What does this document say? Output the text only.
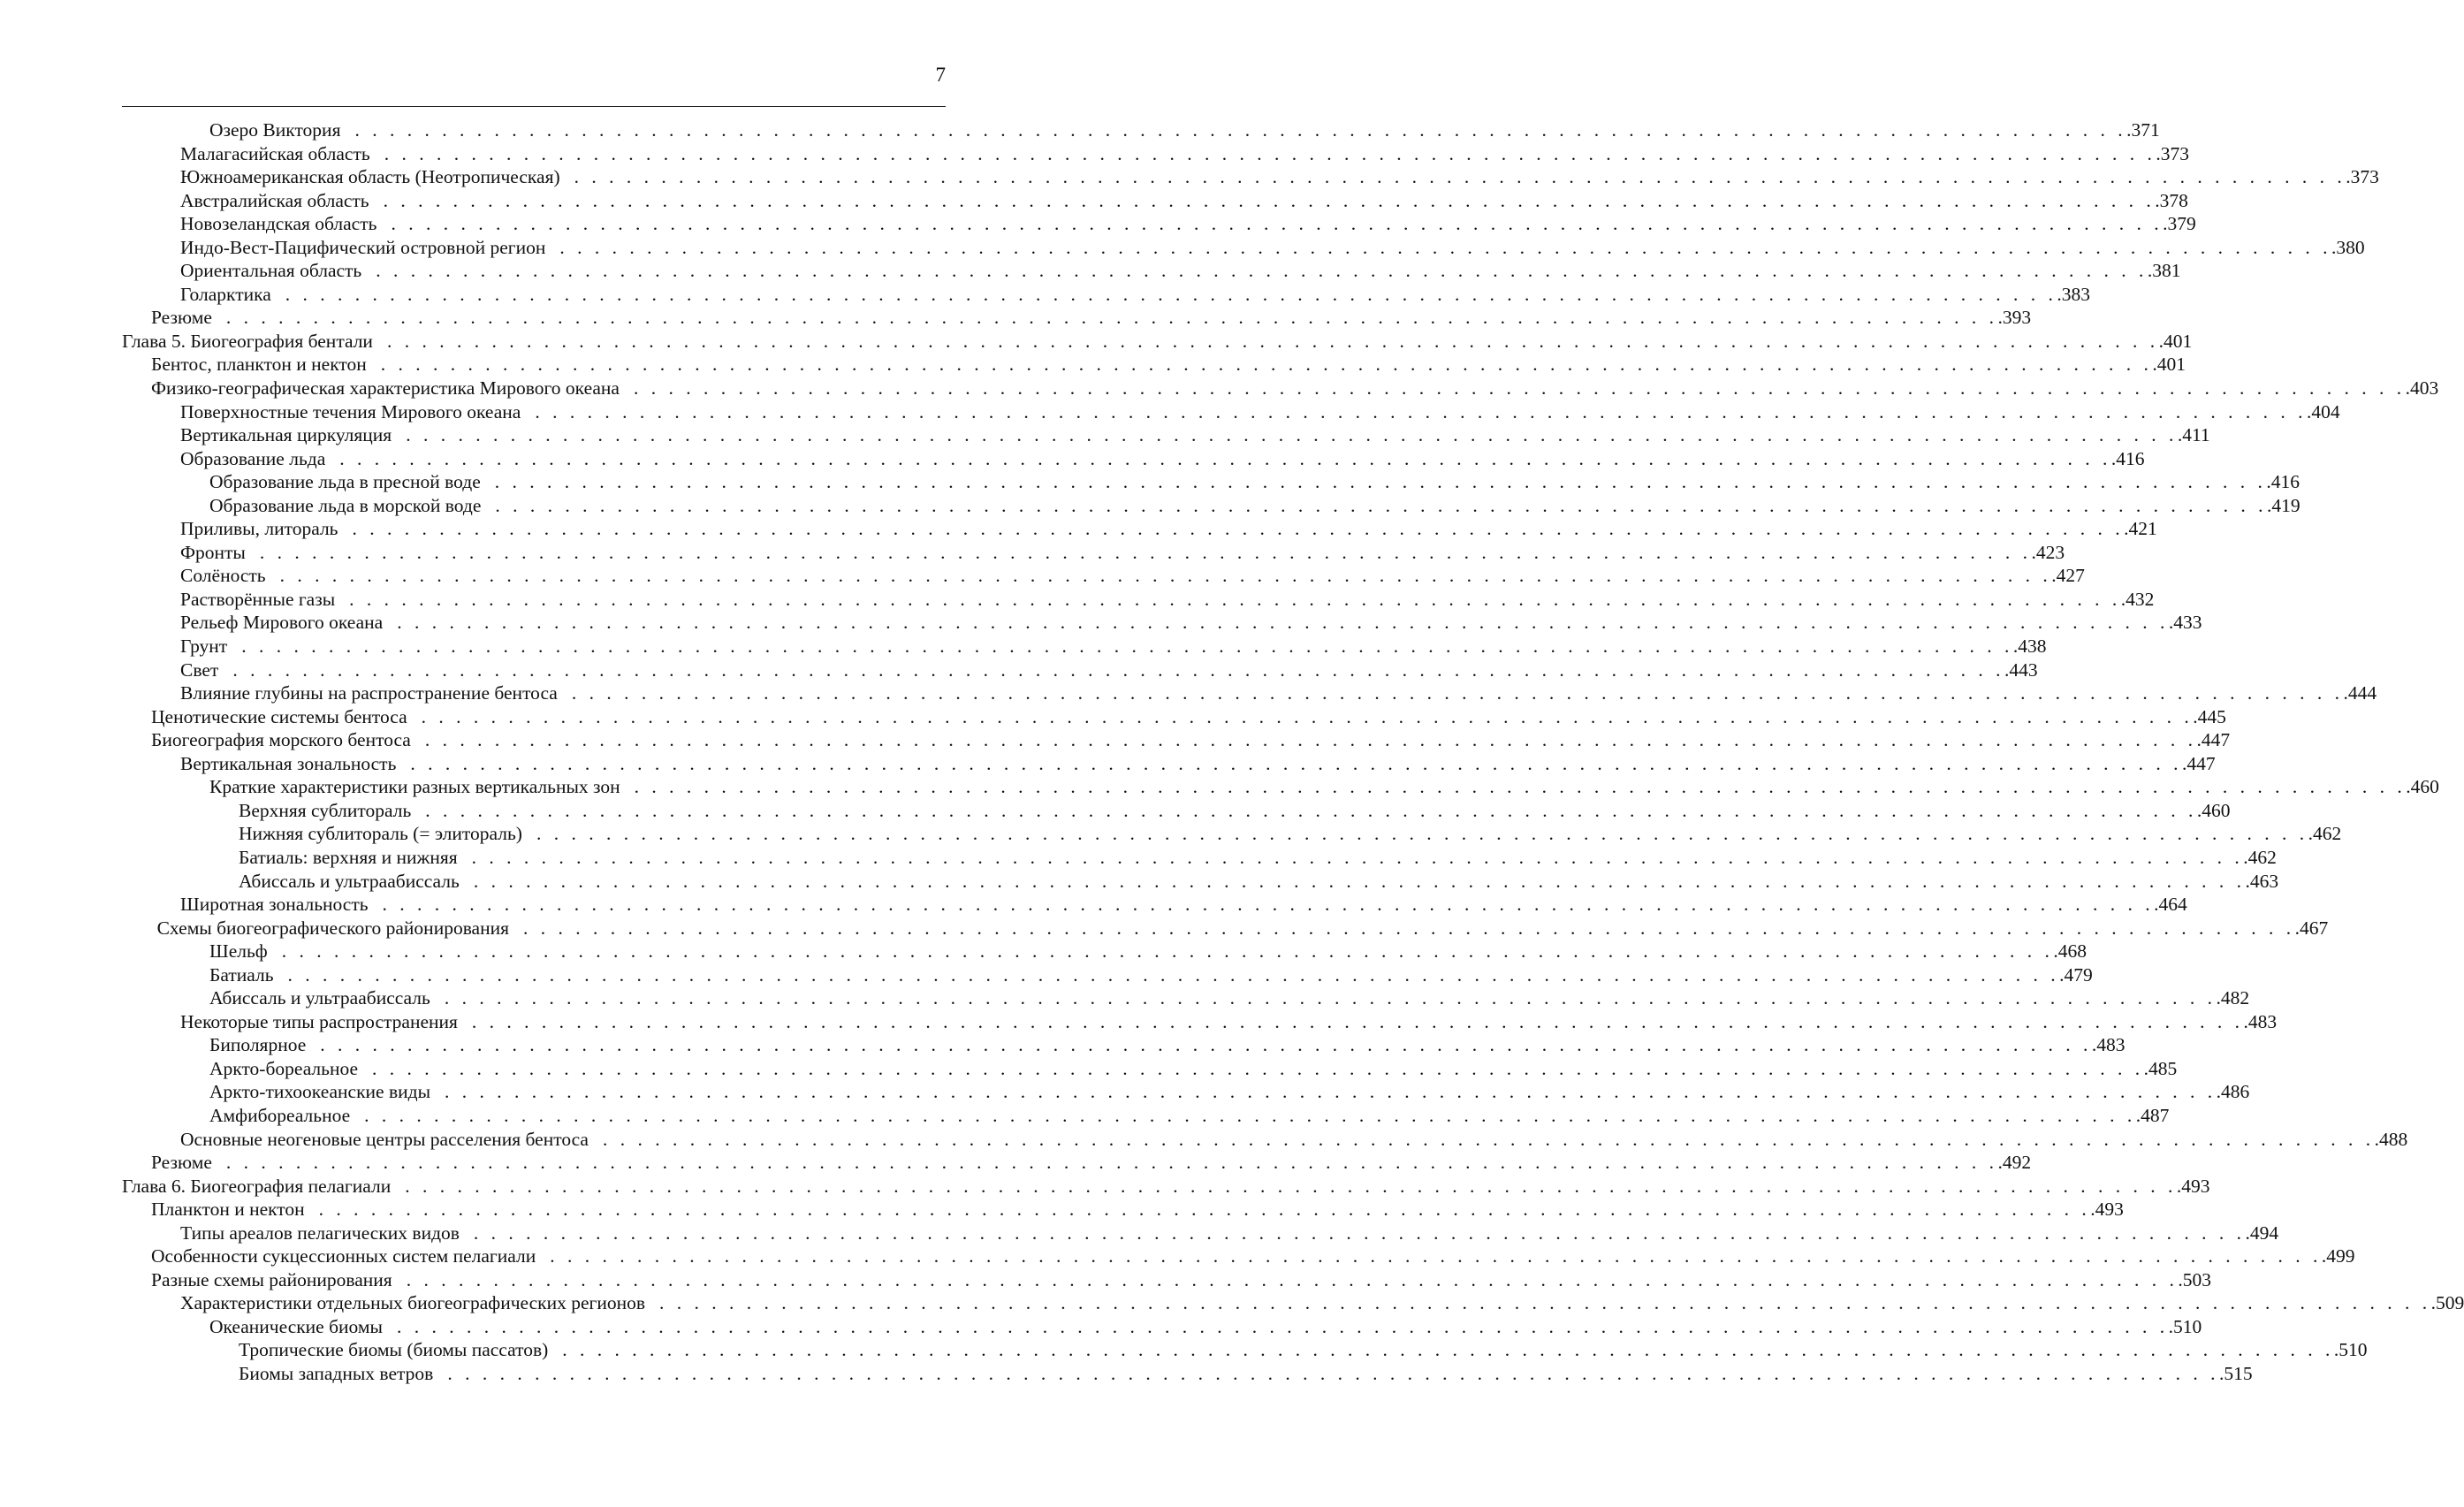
7
Озеро Виктория . . . . . . . . . . . . . . . . . . . . . . . . . . . . . . . . . . . . . . . . . . . . . . . . . . . . . . . . . . . . . . . . . . . . . . . . . . . . . . . . . . . . . . . . . . . . . . . . . . . . . . .371
Малагасийская область . . . . . . . . . . . . . . . . . . . . . . . . . . . . . . . . . . . . . . . . . . . . . . . . . . . . . . . . . . . . . . . . . . . . . . . . . . . . . . . . . . . . . . . . . . . . . . . . . . . . . . .373
Южноамериканская область (Неотропическая) . . . . . . . . . . . . . . . . . . . . . . . . . . . . . . . . . . . . . . . . . . . . . . . . . . . . . . . . . . . . . . . . . . . . . . . . . . . . . . . . . . . . . . . . . . . . . . . . . . . . . . .373
Австралийская область . . . . . . . . . . . . . . . . . . . . . . . . . . . . . . . . . . . . . . . . . . . . . . . . . . . . . . . . . . . . . . . . . . . . . . . . . . . . . . . . . . . . . . . . . . . . . . . . . . . . . . .378
Новозеландская область . . . . . . . . . . . . . . . . . . . . . . . . . . . . . . . . . . . . . . . . . . . . . . . . . . . . . . . . . . . . . . . . . . . . . . . . . . . . . . . . . . . . . . . . . . . . . . . . . . . . . . .379
Индо-Вест-Пацифический островной регион . . . . . . . . . . . . . . . . . . . . . . . . . . . . . . . . . . . . . . . . . . . . . . . . . . . . . . . . . . . . . . . . . . . . . . . . . . . . . . . . . . . . . . . . . . . . . . . . . . . . . . .380
Ориентальная область . . . . . . . . . . . . . . . . . . . . . . . . . . . . . . . . . . . . . . . . . . . . . . . . . . . . . . . . . . . . . . . . . . . . . . . . . . . . . . . . . . . . . . . . . . . . . . . . . . . . . . .381
Голарктика . . . . . . . . . . . . . . . . . . . . . . . . . . . . . . . . . . . . . . . . . . . . . . . . . . . . . . . . . . . . . . . . . . . . . . . . . . . . . . . . . . . . . . . . . . . . . . . . . . . . . . .383
Резюме . . . . . . . . . . . . . . . . . . . . . . . . . . . . . . . . . . . . . . . . . . . . . . . . . . . . . . . . . . . . . . . . . . . . . . . . . . . . . . . . . . . . . . . . . . . . . . . . . . . . . . .393
Глава 5. Биогеография бентали . . . . . . . . . . . . . . . . . . . . . . . . . . . . . . . . . . . . . . . . . . . . . . . . . . . . . . . . . . . . . . . . . . . . . . . . . . . . . . . . . . . . . . . . . . . . . . . . . . . . . . .401
Бентос, планктон и нектон . . . . . . . . . . . . . . . . . . . . . . . . . . . . . . . . . . . . . . . . . . . . . . . . . . . . . . . . . . . . . . . . . . . . . . . . . . . . . . . . . . . . . . . . . . . . . . . . . . . . . . .401
Физико-географическая характеристика Мирового океана . . . . . . . . . . . . . . . . . . . . . . . . . . . . . . . . . . . . . . . . . . . . . . . . . . . . . . . . . . . . . . . . . . . . . . . . . . . . . . . . . . . . . . . . . . . . . . . . . . . . . . .403
Поверхностные течения Мирового океана . . . . . . . . . . . . . . . . . . . . . . . . . . . . . . . . . . . . . . . . . . . . . . . . . . . . . . . . . . . . . . . . . . . . . . . . . . . . . . . . . . . . . . . . . . . . . . . . . . . . . . .404
Вертикальная циркуляция . . . . . . . . . . . . . . . . . . . . . . . . . . . . . . . . . . . . . . . . . . . . . . . . . . . . . . . . . . . . . . . . . . . . . . . . . . . . . . . . . . . . . . . . . . . . . . . . . . . . . . .411
Образование льда . . . . . . . . . . . . . . . . . . . . . . . . . . . . . . . . . . . . . . . . . . . . . . . . . . . . . . . . . . . . . . . . . . . . . . . . . . . . . . . . . . . . . . . . . . . . . . . . . . . . . . .416
Образование льда в пресной воде . . . . . . . . . . . . . . . . . . . . . . . . . . . . . . . . . . . . . . . . . . . . . . . . . . . . . . . . . . . . . . . . . . . . . . . . . . . . . . . . . . . . . . . . . . . . . . . . . . . . . . .416
Образование льда в морской воде . . . . . . . . . . . . . . . . . . . . . . . . . . . . . . . . . . . . . . . . . . . . . . . . . . . . . . . . . . . . . . . . . . . . . . . . . . . . . . . . . . . . . . . . . . . . . . . . . . . . . . .419
Приливы, литораль . . . . . . . . . . . . . . . . . . . . . . . . . . . . . . . . . . . . . . . . . . . . . . . . . . . . . . . . . . . . . . . . . . . . . . . . . . . . . . . . . . . . . . . . . . . . . . . . . . . . . . .421
Фронты . . . . . . . . . . . . . . . . . . . . . . . . . . . . . . . . . . . . . . . . . . . . . . . . . . . . . . . . . . . . . . . . . . . . . . . . . . . . . . . . . . . . . . . . . . . . . . . . . . . . . . .423
Солёность . . . . . . . . . . . . . . . . . . . . . . . . . . . . . . . . . . . . . . . . . . . . . . . . . . . . . . . . . . . . . . . . . . . . . . . . . . . . . . . . . . . . . . . . . . . . . . . . . . . . . . .427
Растворённые газы . . . . . . . . . . . . . . . . . . . . . . . . . . . . . . . . . . . . . . . . . . . . . . . . . . . . . . . . . . . . . . . . . . . . . . . . . . . . . . . . . . . . . . . . . . . . . . . . . . . . . . .432
Рельеф Мирового океана . . . . . . . . . . . . . . . . . . . . . . . . . . . . . . . . . . . . . . . . . . . . . . . . . . . . . . . . . . . . . . . . . . . . . . . . . . . . . . . . . . . . . . . . . . . . . . . . . . . . . . .433
Грунт . . . . . . . . . . . . . . . . . . . . . . . . . . . . . . . . . . . . . . . . . . . . . . . . . . . . . . . . . . . . . . . . . . . . . . . . . . . . . . . . . . . . . . . . . . . . . . . . . . . . . . .438
Свет . . . . . . . . . . . . . . . . . . . . . . . . . . . . . . . . . . . . . . . . . . . . . . . . . . . . . . . . . . . . . . . . . . . . . . . . . . . . . . . . . . . . . . . . . . . . . . . . . . . . . . .443
Влияние глубины на распространение бентоса . . . . . . . . . . . . . . . . . . . . . . . . . . . . . . . . . . . . . . . . . . . . . . . . . . . . . . . . . . . . . . . . . . . . . . . . . . . . . . . . . . . . . . . . . . . . . . . . . . . . . . .444
Ценотические системы бентоса . . . . . . . . . . . . . . . . . . . . . . . . . . . . . . . . . . . . . . . . . . . . . . . . . . . . . . . . . . . . . . . . . . . . . . . . . . . . . . . . . . . . . . . . . . . . . . . . . . . . . . .445
Биогеография морского бентоса . . . . . . . . . . . . . . . . . . . . . . . . . . . . . . . . . . . . . . . . . . . . . . . . . . . . . . . . . . . . . . . . . . . . . . . . . . . . . . . . . . . . . . . . . . . . . . . . . . . . . . .447
Вертикальная зональность . . . . . . . . . . . . . . . . . . . . . . . . . . . . . . . . . . . . . . . . . . . . . . . . . . . . . . . . . . . . . . . . . . . . . . . . . . . . . . . . . . . . . . . . . . . . . . . . . . . . . . .447
Краткие характеристики разных вертикальных зон . . . . . . . . . . . . . . . . . . . . . . . . . . . . . . . . . . . . . . . . . . . . . . . . . . . . . . . . . . . . . . . . . . . . . . . . . . . . . . . . . . . . . . . . . . . . . . . . . . . . . . .460
Верхняя сублитораль . . . . . . . . . . . . . . . . . . . . . . . . . . . . . . . . . . . . . . . . . . . . . . . . . . . . . . . . . . . . . . . . . . . . . . . . . . . . . . . . . . . . . . . . . . . . . . . . . . . . . . .460
Нижняя сублитораль (= элитораль) . . . . . . . . . . . . . . . . . . . . . . . . . . . . . . . . . . . . . . . . . . . . . . . . . . . . . . . . . . . . . . . . . . . . . . . . . . . . . . . . . . . . . . . . . . . . . . . . . . . . . . .462
Батиаль: верхняя и нижняя . . . . . . . . . . . . . . . . . . . . . . . . . . . . . . . . . . . . . . . . . . . . . . . . . . . . . . . . . . . . . . . . . . . . . . . . . . . . . . . . . . . . . . . . . . . . . . . . . . . . . . .462
Абиссаль и ультраабиссаль . . . . . . . . . . . . . . . . . . . . . . . . . . . . . . . . . . . . . . . . . . . . . . . . . . . . . . . . . . . . . . . . . . . . . . . . . . . . . . . . . . . . . . . . . . . . . . . . . . . . . . .463
Широтная зональность . . . . . . . . . . . . . . . . . . . . . . . . . . . . . . . . . . . . . . . . . . . . . . . . . . . . . . . . . . . . . . . . . . . . . . . . . . . . . . . . . . . . . . . . . . . . . . . . . . . . . . .464
Схемы биогеографического районирования . . . . . . . . . . . . . . . . . . . . . . . . . . . . . . . . . . . . . . . . . . . . . . . . . . . . . . . . . . . . . . . . . . . . . . . . . . . . . . . . . . . . . . . . . . . . . . . . . . . . . . .467
Шельф . . . . . . . . . . . . . . . . . . . . . . . . . . . . . . . . . . . . . . . . . . . . . . . . . . . . . . . . . . . . . . . . . . . . . . . . . . . . . . . . . . . . . . . . . . . . . . . . . . . . . . .468
Батиаль . . . . . . . . . . . . . . . . . . . . . . . . . . . . . . . . . . . . . . . . . . . . . . . . . . . . . . . . . . . . . . . . . . . . . . . . . . . . . . . . . . . . . . . . . . . . . . . . . . . . . . .479
Абиссаль и ультраабиссаль . . . . . . . . . . . . . . . . . . . . . . . . . . . . . . . . . . . . . . . . . . . . . . . . . . . . . . . . . . . . . . . . . . . . . . . . . . . . . . . . . . . . . . . . . . . . . . . . . . . . . . .482
Некоторые типы распространения . . . . . . . . . . . . . . . . . . . . . . . . . . . . . . . . . . . . . . . . . . . . . . . . . . . . . . . . . . . . . . . . . . . . . . . . . . . . . . . . . . . . . . . . . . . . . . . . . . . . . . .483
Биполярное . . . . . . . . . . . . . . . . . . . . . . . . . . . . . . . . . . . . . . . . . . . . . . . . . . . . . . . . . . . . . . . . . . . . . . . . . . . . . . . . . . . . . . . . . . . . . . . . . . . . . . .483
Аркто-бореальное . . . . . . . . . . . . . . . . . . . . . . . . . . . . . . . . . . . . . . . . . . . . . . . . . . . . . . . . . . . . . . . . . . . . . . . . . . . . . . . . . . . . . . . . . . . . . . . . . . . . . . .485
Аркто-тихоокеанские виды . . . . . . . . . . . . . . . . . . . . . . . . . . . . . . . . . . . . . . . . . . . . . . . . . . . . . . . . . . . . . . . . . . . . . . . . . . . . . . . . . . . . . . . . . . . . . . . . . . . . . . .486
Амфибореальное . . . . . . . . . . . . . . . . . . . . . . . . . . . . . . . . . . . . . . . . . . . . . . . . . . . . . . . . . . . . . . . . . . . . . . . . . . . . . . . . . . . . . . . . . . . . . . . . . . . . . . .487
Основные неогеновые центры расселения бентоса . . . . . . . . . . . . . . . . . . . . . . . . . . . . . . . . . . . . . . . . . . . . . . . . . . . . . . . . . . . . . . . . . . . . . . . . . . . . . . . . . . . . . . . . . . . . . . . . . . . . . . .488
Резюме . . . . . . . . . . . . . . . . . . . . . . . . . . . . . . . . . . . . . . . . . . . . . . . . . . . . . . . . . . . . . . . . . . . . . . . . . . . . . . . . . . . . . . . . . . . . . . . . . . . . . . .492
Глава 6. Биогеография пелагиали . . . . . . . . . . . . . . . . . . . . . . . . . . . . . . . . . . . . . . . . . . . . . . . . . . . . . . . . . . . . . . . . . . . . . . . . . . . . . . . . . . . . . . . . . . . . . . . . . . . . . . .493
Планктон и нектон . . . . . . . . . . . . . . . . . . . . . . . . . . . . . . . . . . . . . . . . . . . . . . . . . . . . . . . . . . . . . . . . . . . . . . . . . . . . . . . . . . . . . . . . . . . . . . . . . . . . . . .493
Типы ареалов пелагических видов . . . . . . . . . . . . . . . . . . . . . . . . . . . . . . . . . . . . . . . . . . . . . . . . . . . . . . . . . . . . . . . . . . . . . . . . . . . . . . . . . . . . . . . . . . . . . . . . . . . . . . .494
Особенности сукцессионных систем пелагиали . . . . . . . . . . . . . . . . . . . . . . . . . . . . . . . . . . . . . . . . . . . . . . . . . . . . . . . . . . . . . . . . . . . . . . . . . . . . . . . . . . . . . . . . . . . . . . . . . . . . . . .499
Разные схемы районирования . . . . . . . . . . . . . . . . . . . . . . . . . . . . . . . . . . . . . . . . . . . . . . . . . . . . . . . . . . . . . . . . . . . . . . . . . . . . . . . . . . . . . . . . . . . . . . . . . . . . . . .503
Характеристики отдельных биогеографических регионов . . . . . . . . . . . . . . . . . . . . . . . . . . . . . . . . . . . . . . . . . . . . . . . . . . . . . . . . . . . . . . . . . . . . . . . . . . . . . . . . . . . . . . . . . . . . . . . . . . . . . . .509
Океанические биомы . . . . . . . . . . . . . . . . . . . . . . . . . . . . . . . . . . . . . . . . . . . . . . . . . . . . . . . . . . . . . . . . . . . . . . . . . . . . . . . . . . . . . . . . . . . . . . . . . . . . . . .510
Тропические биомы (биомы пассатов) . . . . . . . . . . . . . . . . . . . . . . . . . . . . . . . . . . . . . . . . . . . . . . . . . . . . . . . . . . . . . . . . . . . . . . . . . . . . . . . . . . . . . . . . . . . . . . . . . . . . . . .510
Биомы западных ветров . . . . . . . . . . . . . . . . . . . . . . . . . . . . . . . . . . . . . . . . . . . . . . . . . . . . . . . . . . . . . . . . . . . . . . . . . . . . . . . . . . . . . . . . . . . . . . . . . . . . . . .515
